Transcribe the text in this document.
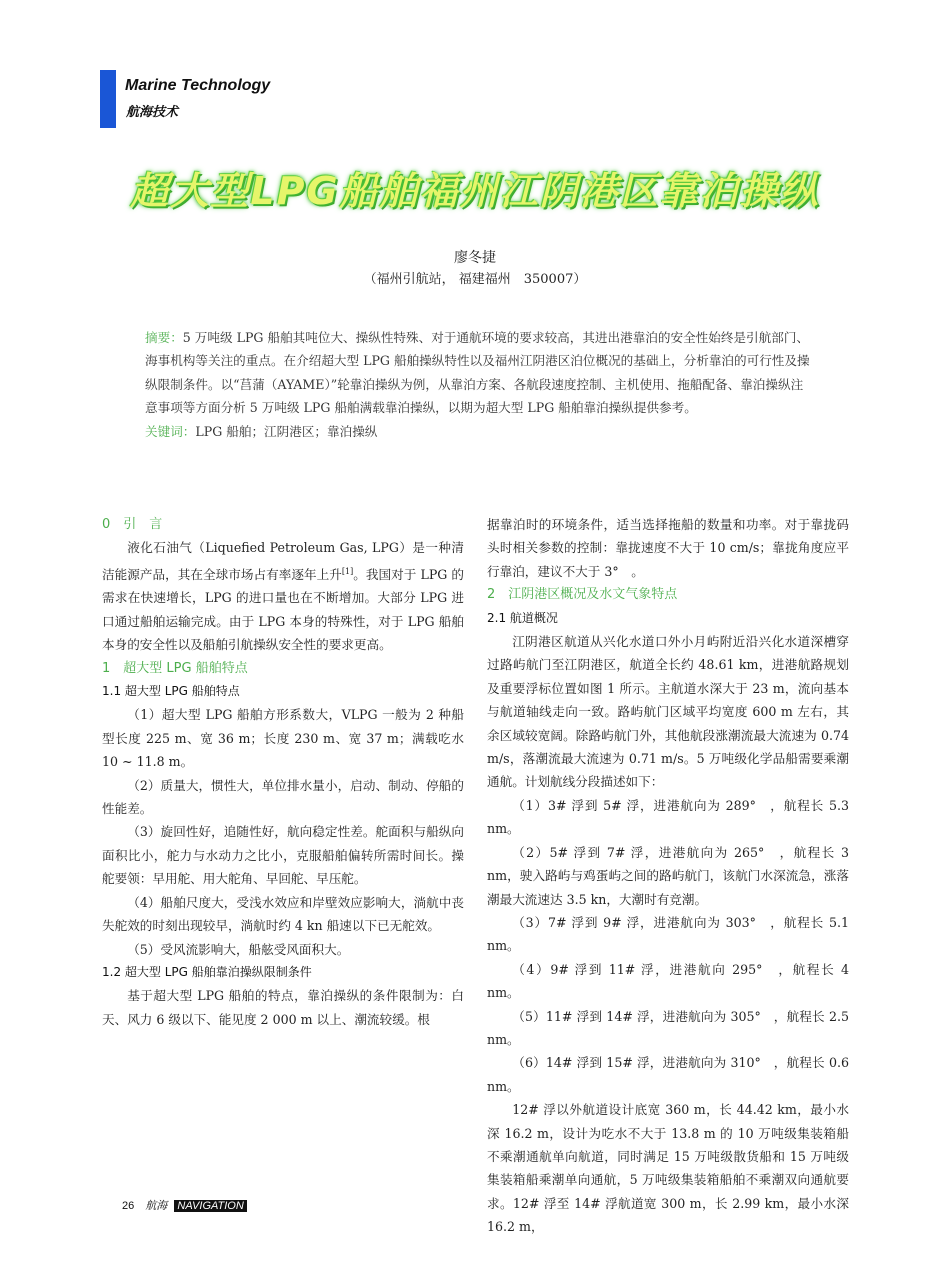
Marine Technology
航海技术
超大型LPG船舶福州江阴港区靠泊操纵
廖冬捷
（福州引航站， 福建福州　350007）
摘要：5 万吨级 LPG 船舶其吨位大、操纵性特殊、对于通航环境的要求较高，其进出港靠泊的安全性始终是引航部门、海事机构等关注的重点。在介绍超大型 LPG 船舶操纵特性以及福州江阴港区泊位概况的基础上，分析靠泊的可行性及操纵限制条件。以“莒蒲（AYAME）”轮靠泊操纵为例，从靠泊方案、各航段速度控制、主机使用、拖船配备、靠泊操纵注意事项等方面分析 5 万吨级 LPG 船舶满载靠泊操纵，以期为超大型 LPG 船舶靠泊操纵提供参考。
关键词：LPG 船舶；江阴港区；靠泊操纵
0　引　言

液化石油气（Liquefied Petroleum Gas, LPG）是一种清洁能源产品，其在全球市场占有率逐年上升[1]。我国对于 LPG 的需求在快速增长，LPG 的进口量也在不断增加。大部分 LPG 进口通过船舶运输完成。由于 LPG 本身的特殊性，对于 LPG 船舶本身的安全性以及船舶引航操纵安全性的要求更高。

1　超大型 LPG 船舶特点
1.1 超大型 LPG 船舶特点

（1）超大型 LPG 船舶方形系数大，VLPG 一般为 2 种船型长度 225 m、宽 36 m；长度 230 m、宽 37 m；满载吃水 10 ~ 11.8 m。

（2）质量大，惯性大，单位排水量小，启动、制动、停船的性能差。

（3）旋回性好，追随性好，航向稳定性差。舵面积与船纵向面积比小，舵力与水动力之比小，克服船舶偏转所需时间长。操舵要领：早用舵、用大舵角、早回舵、早压舵。

（4）船舶尺度大，受浅水效应和岸壁效应影响大，淌航中丧失舵效的时刻出现较早，淌航时约 4 kn 船速以下已无舵效。

（5）受风流影响大，船舷受风面积大。

1.2 超大型 LPG 船舶靠泊操纵限制条件

基于超大型 LPG 船舶的特点，靠泊操纵的条件限制为：白天、风力 6 级以下、能见度 2 000 m 以上、潮流较缓。根

据靠泊时的环境条件，适当选择拖船的数量和功率。对于靠拢码头时相关参数的控制：靠拢速度不大于 10 cm/s；靠拢角度应平行靠泊，建议不大于 3°　。

2　江阴港区概况及水文气象特点
2.1 航道概况

江阴港区航道从兴化水道口外小月屿附近沿兴化水道深槽穿过路屿航门至江阴港区，航道全长约 48.61 km，进港航路规划及重要浮标位置如图 1 所示。主航道水深大于 23 m，流向基本与航道轴线走向一致。路屿航门区域平均宽度 600 m 左右，其余区域较宽阔。除路屿航门外，其他航段涨潮流最大流速为 0.74 m/s，落潮流最大流速为 0.71 m/s。5 万吨级化学品船需要乘潮通航。计划航线分段描述如下：

（1）3# 浮到 5# 浮，进港航向为 289°　，航程长 5.3 nm。

（2）5# 浮到 7# 浮，进港航向为 265°　，航程长 3 nm，驶入路屿与鸡蛋屿之间的路屿航门，该航门水深流急，涨落潮最大流速达 3.5 kn，大潮时有竞潮。

（3）7# 浮到 9# 浮，进港航向为 303°　，航程长 5.1 nm。

（4）9# 浮到 11# 浮，进港航向 295°　，航程长 4 nm。

（5）11# 浮到 14# 浮，进港航向为 305°　，航程长 2.5 nm。

（6）14# 浮到 15# 浮，进港航向为 310°　，航程长 0.6 nm。

12# 浮以外航道设计底宽 360 m，长 44.42 km，最小水深 16.2 m，设计为吃水不大于 13.8 m 的 10 万吨级集装箱船不乘潮通航单向航道，同时满足 15 万吨级散货船和 15 万吨级集装箱船乘潮单向通航，5 万吨级集装箱船舶不乘潮双向通航要求。12# 浮至 14# 浮航道宽 300 m，长 2.99 km，最小水深 16.2 m，

26 航海 NAVIGATION
